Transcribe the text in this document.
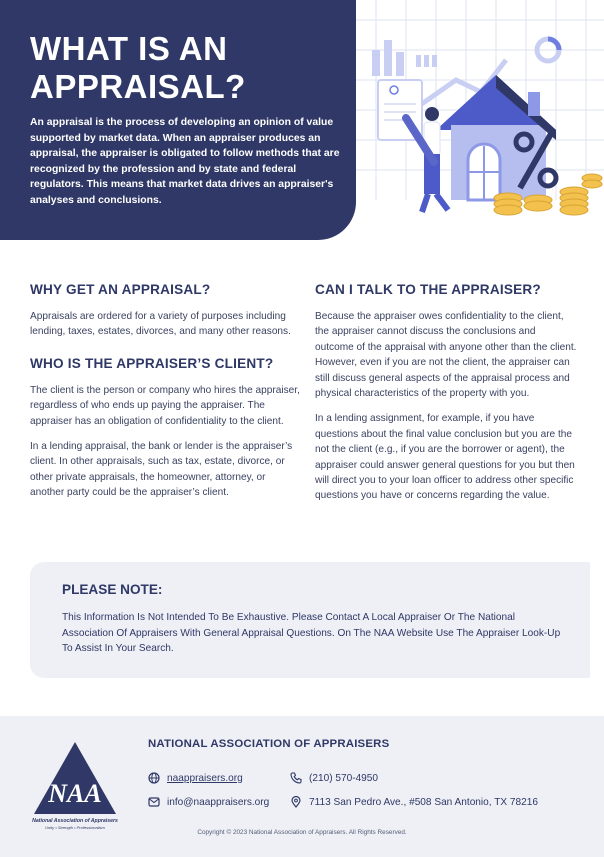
WHAT IS AN
APPRAISAL?

An appraisal is the process of developing an opinion of value supported by market data. When an appraiser produces an appraisal, the appraiser is obligated to follow methods that are recognized by the profession and by state and federal regulators. This means that market data drives an appraiser's analyses and conclusions.

WHY GET AN APPRAISAL?

Appraisals are ordered for a variety of purposes including lending, taxes, estates, divorces, and many other reasons.

WHO IS THE APPRAISER’S CLIENT?

The client is the person or company who hires the appraiser, regardless of who ends up paying the appraiser. The appraiser has an obligation of confidentiality to the client.

In a lending appraisal, the bank or lender is the appraiser’s client. In other appraisals, such as tax, estate, divorce, or other private appraisals, the homeowner, attorney, or another party could be the appraiser’s client.

CAN I TALK TO THE APPRAISER?

Because the appraiser owes confidentiality to the client, the appraiser cannot discuss the conclusions and outcome of the appraisal with anyone other than the client. However, even if you are not the client, the appraiser can still discuss general aspects of the appraisal process and physical characteristics of the property with you.

In a lending assignment, for example, if you have questions about the final value conclusion but you are the not the client (e.g., if you are the borrower or agent), the appraiser could answer general questions for you but then will direct you to your loan officer to address other specific questions you have or concerns regarding the value.

PLEASE NOTE:

This Information Is Not Intended To Be Exhaustive. Please Contact A Local Appraiser Or The National Association Of Appraisers With General Appraisal Questions. On The NAA Website Use The Appraiser Look-Up To Assist In Your Search.

NAA
National Association of Appraisers
Unity • Strength • Professionalism
NATIONAL ASSOCIATION OF APPRAISERS
naappraisers.org	(210) 570-4950
info@naappraisers.org	7113 San Pedro Ave., #508 San Antonio, TX 78216
Copyright © 2023 National Association of Appraisers. All Rights Reserved.
